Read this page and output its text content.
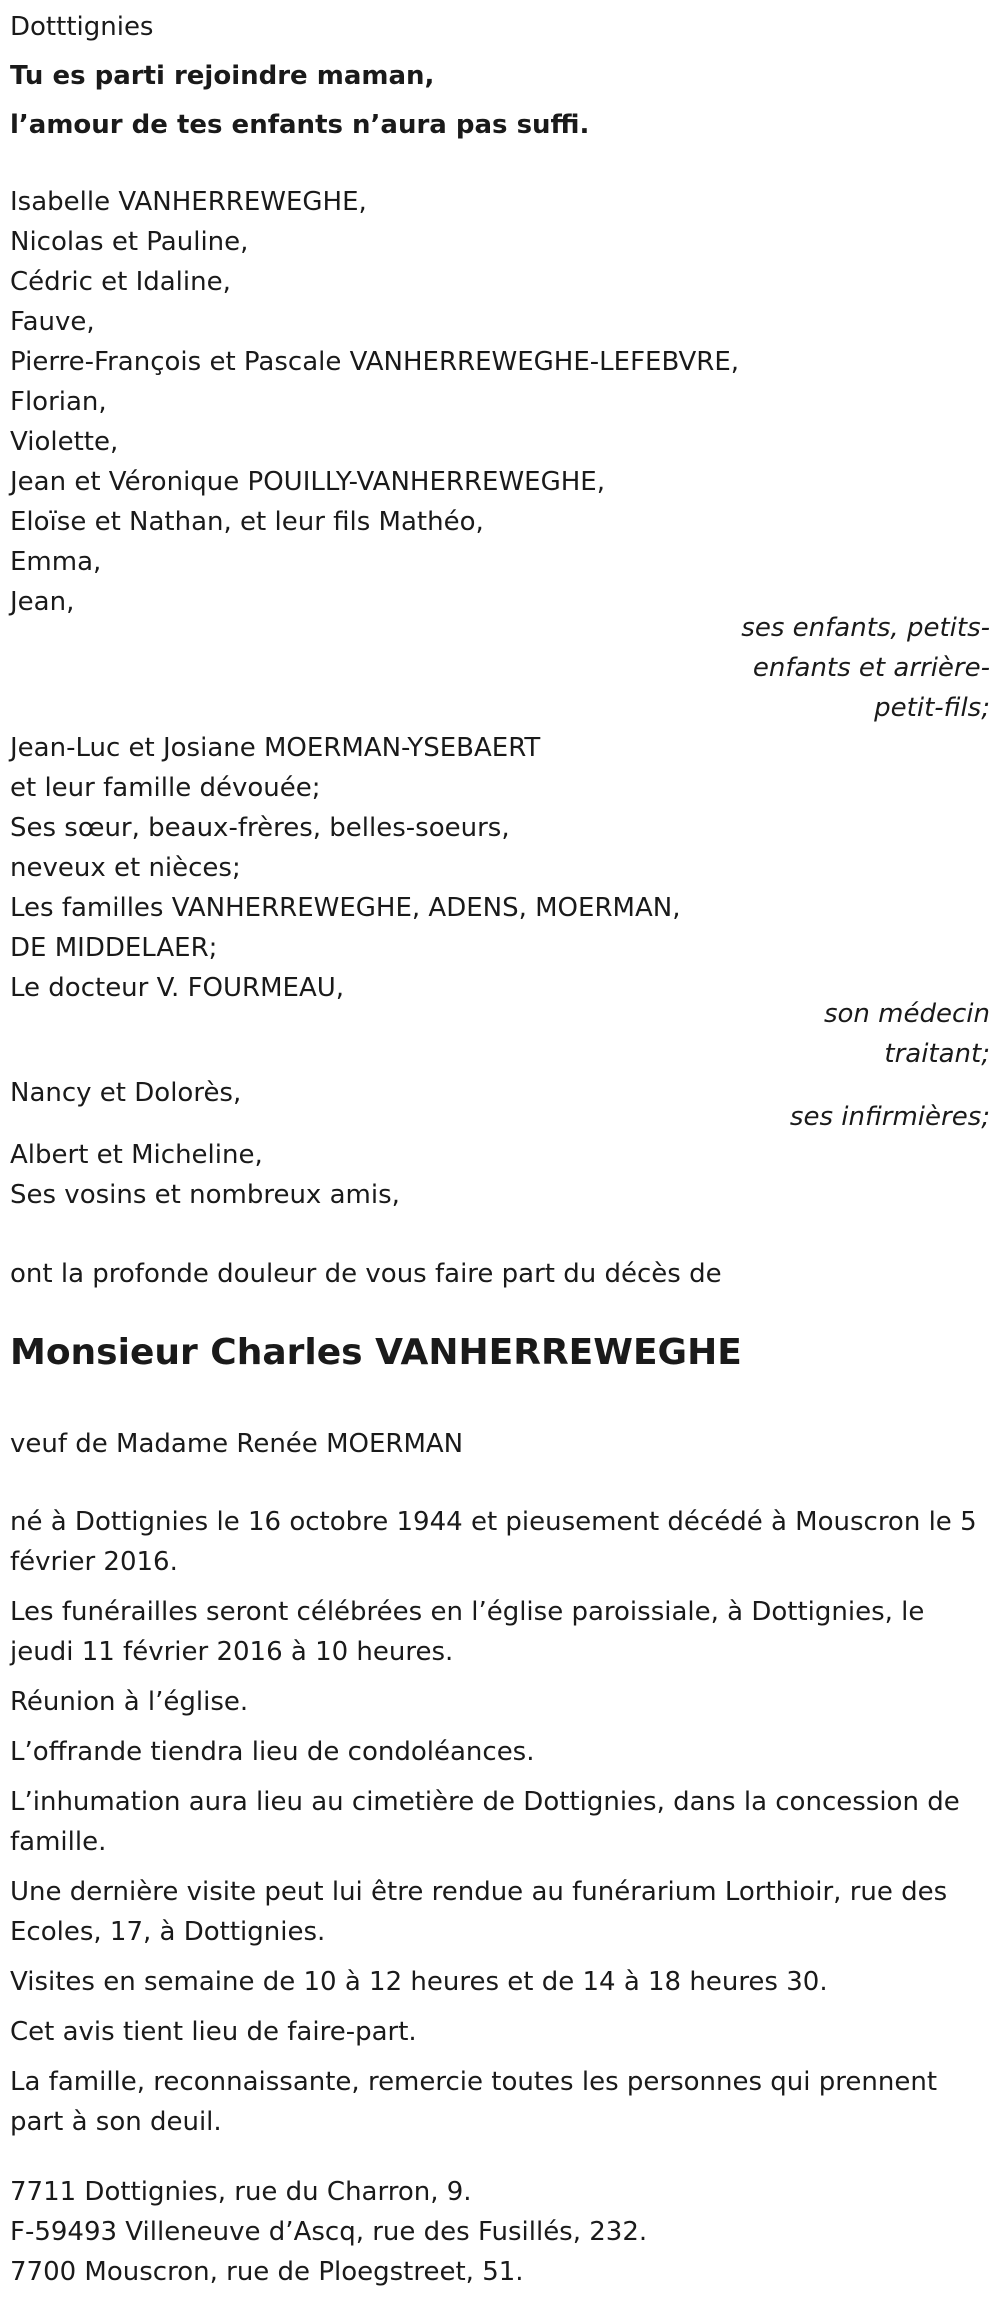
Dotttignies
Tu es parti rejoindre maman,
l’amour de tes enfants n’aura pas suffi.
Isabelle VANHERREWEGHE,
Nicolas et Pauline,
Cédric et Idaline,
Fauve,
Pierre-François et Pascale VANHERREWEGHE-LEFEBVRE,
Florian,
Violette,
Jean et Véronique POUILLY-VANHERREWEGHE,
Eloïse et Nathan, et leur fils Mathéo,
Emma,
Jean,
ses enfants, petits-
enfants et arrière-
petit-fils;
Jean-Luc et Josiane MOERMAN-YSEBAERT
et leur famille dévouée;
Ses sœur, beaux-frères, belles-soeurs,
neveux et nièces;
Les familles VANHERREWEGHE, ADENS, MOERMAN,
DE MIDDELAER;
Le docteur V. FOURMEAU,
son médecin
traitant;
Nancy et Dolorès,
ses infirmières;
Albert et Micheline,
Ses vosins et nombreux amis,
ont la profonde douleur de vous faire part du décès de
Monsieur Charles VANHERREWEGHE
veuf de Madame Renée MOERMAN
né à Dottignies le 16 octobre 1944 et pieusement décédé à Mouscron le 5 février 2016.
Les funérailles seront célébrées en l’église paroissiale, à Dottignies, le jeudi 11 février 2016 à 10 heures.
Réunion à l’église.
L’offrande tiendra lieu de condoléances.
L’inhumation aura lieu au cimetière de Dottignies, dans la concession de famille.
Une dernière visite peut lui être rendue au funérarium Lorthioir, rue des Ecoles, 17, à Dottignies.
Visites en semaine de 10 à 12 heures et de 14 à 18 heures 30.
Cet avis tient lieu de faire-part.
La famille, reconnaissante, remercie toutes les personnes qui prennent part à son deuil.
7711 Dottignies, rue du Charron, 9.
F-59493 Villeneuve d’Ascq, rue des Fusillés, 232.
7700 Mouscron, rue de Ploegstreet, 51.
